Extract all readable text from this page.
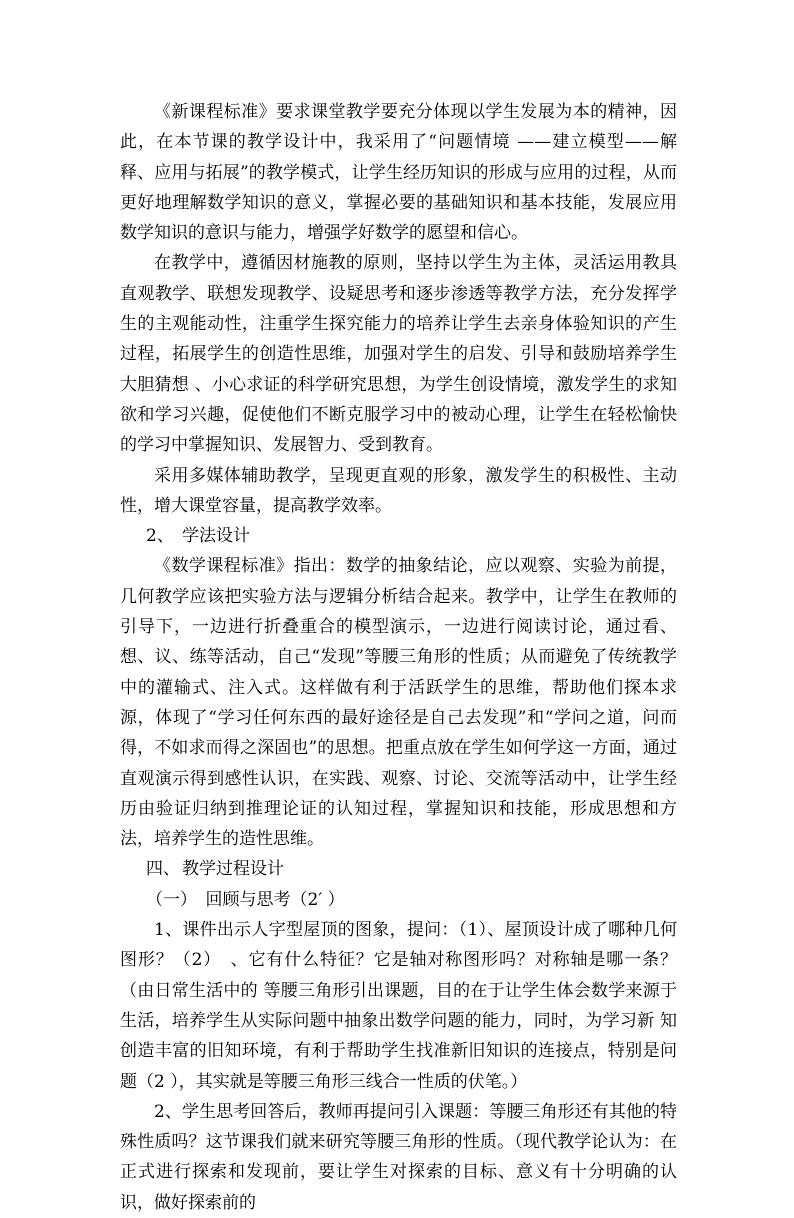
《新课程标准》要求课堂教学要充分体现以学生发展为本的精神，因此，在本节课的教学设计中，我采用了“问题情境 ——建立模型——解释、应用与拓展”的教学模式，让学生经历知识的形成与应用的过程，从而更好地理解数学知识的意义，掌握必要的基础知识和基本技能，发展应用数学知识的意识与能力，增强学好数学的愿望和信心。

在教学中，遵循因材施教的原则，坚持以学生为主体，灵活运用教具直观教学、联想发现教学、设疑思考和逐步渗透等教学方法，充分发挥学生的主观能动性，注重学生探究能力的培养让学生去亲身体验知识的产生过程，拓展学生的创造性思维，加强对学生的启发、引导和鼓励培养学生大胆猜想 、小心求证的科学研究思想，为学生创设情境，激发学生的求知欲和学习兴趣，促使他们不断克服学习中的被动心理，让学生在轻松愉快的学习中掌握知识、发展智力、受到教育。

采用多媒体辅助教学，呈现更直观的形象，激发学生的积极性、主动性，增大课堂容量，提高教学效率。

2、 学法设计

《数学课程标准》指出：数学的抽象结论，应以观察、实验为前提，几何教学应该把实验方法与逻辑分析结合起来。教学中，让学生在教师的引导下，一边进行折叠重合的模型演示，一边进行阅读讨论，通过看、想、议、练等活动，自己“发现”等腰三角形的性质；从而避免了传统教学中的灌输式、注入式。这样做有利于活跃学生的思维，帮助他们探本求源，体现了“学习任何东西的最好途径是自己去发现”和“学问之道，问而得，不如求而得之深固也”的思想。把重点放在学生如何学这一方面，通过直观演示得到感性认识，在实践、观察、讨论、交流等活动中，让学生经历由验证归纳到推理论证的认知过程，掌握知识和技能，形成思想和方法，培养学生的造性思维。

四、 教学过程设计

（一）　回顾与思考（2′ ）

1、课件出示人字型屋顶的图象，提问：（1）、屋顶设计成了哪种几何图形？（2）　、它有什么特征？它是轴对称图形吗？对称轴是哪一条？（由日常生活中的 等腰三角形引出课题，目的在于让学生体会数学来源于生活，培养学生从实际问题中抽象出数学问题的能力，同时，为学习新 知创造丰富的旧知环境，有利于帮助学生找准新旧知识的连接点，特别是问题（2 ），其实就是等腰三角形三线合一性质的伏笔。）

2、学生思考回答后，教师再提问引入课题：等腰三角形还有其他的特殊性质吗？这节课我们就来研究等腰三角形的性质。（现代教学论认为：在正式进行探索和发现前，要让学生对探索的目标、意义有十分明确的认识，做好探索前的
